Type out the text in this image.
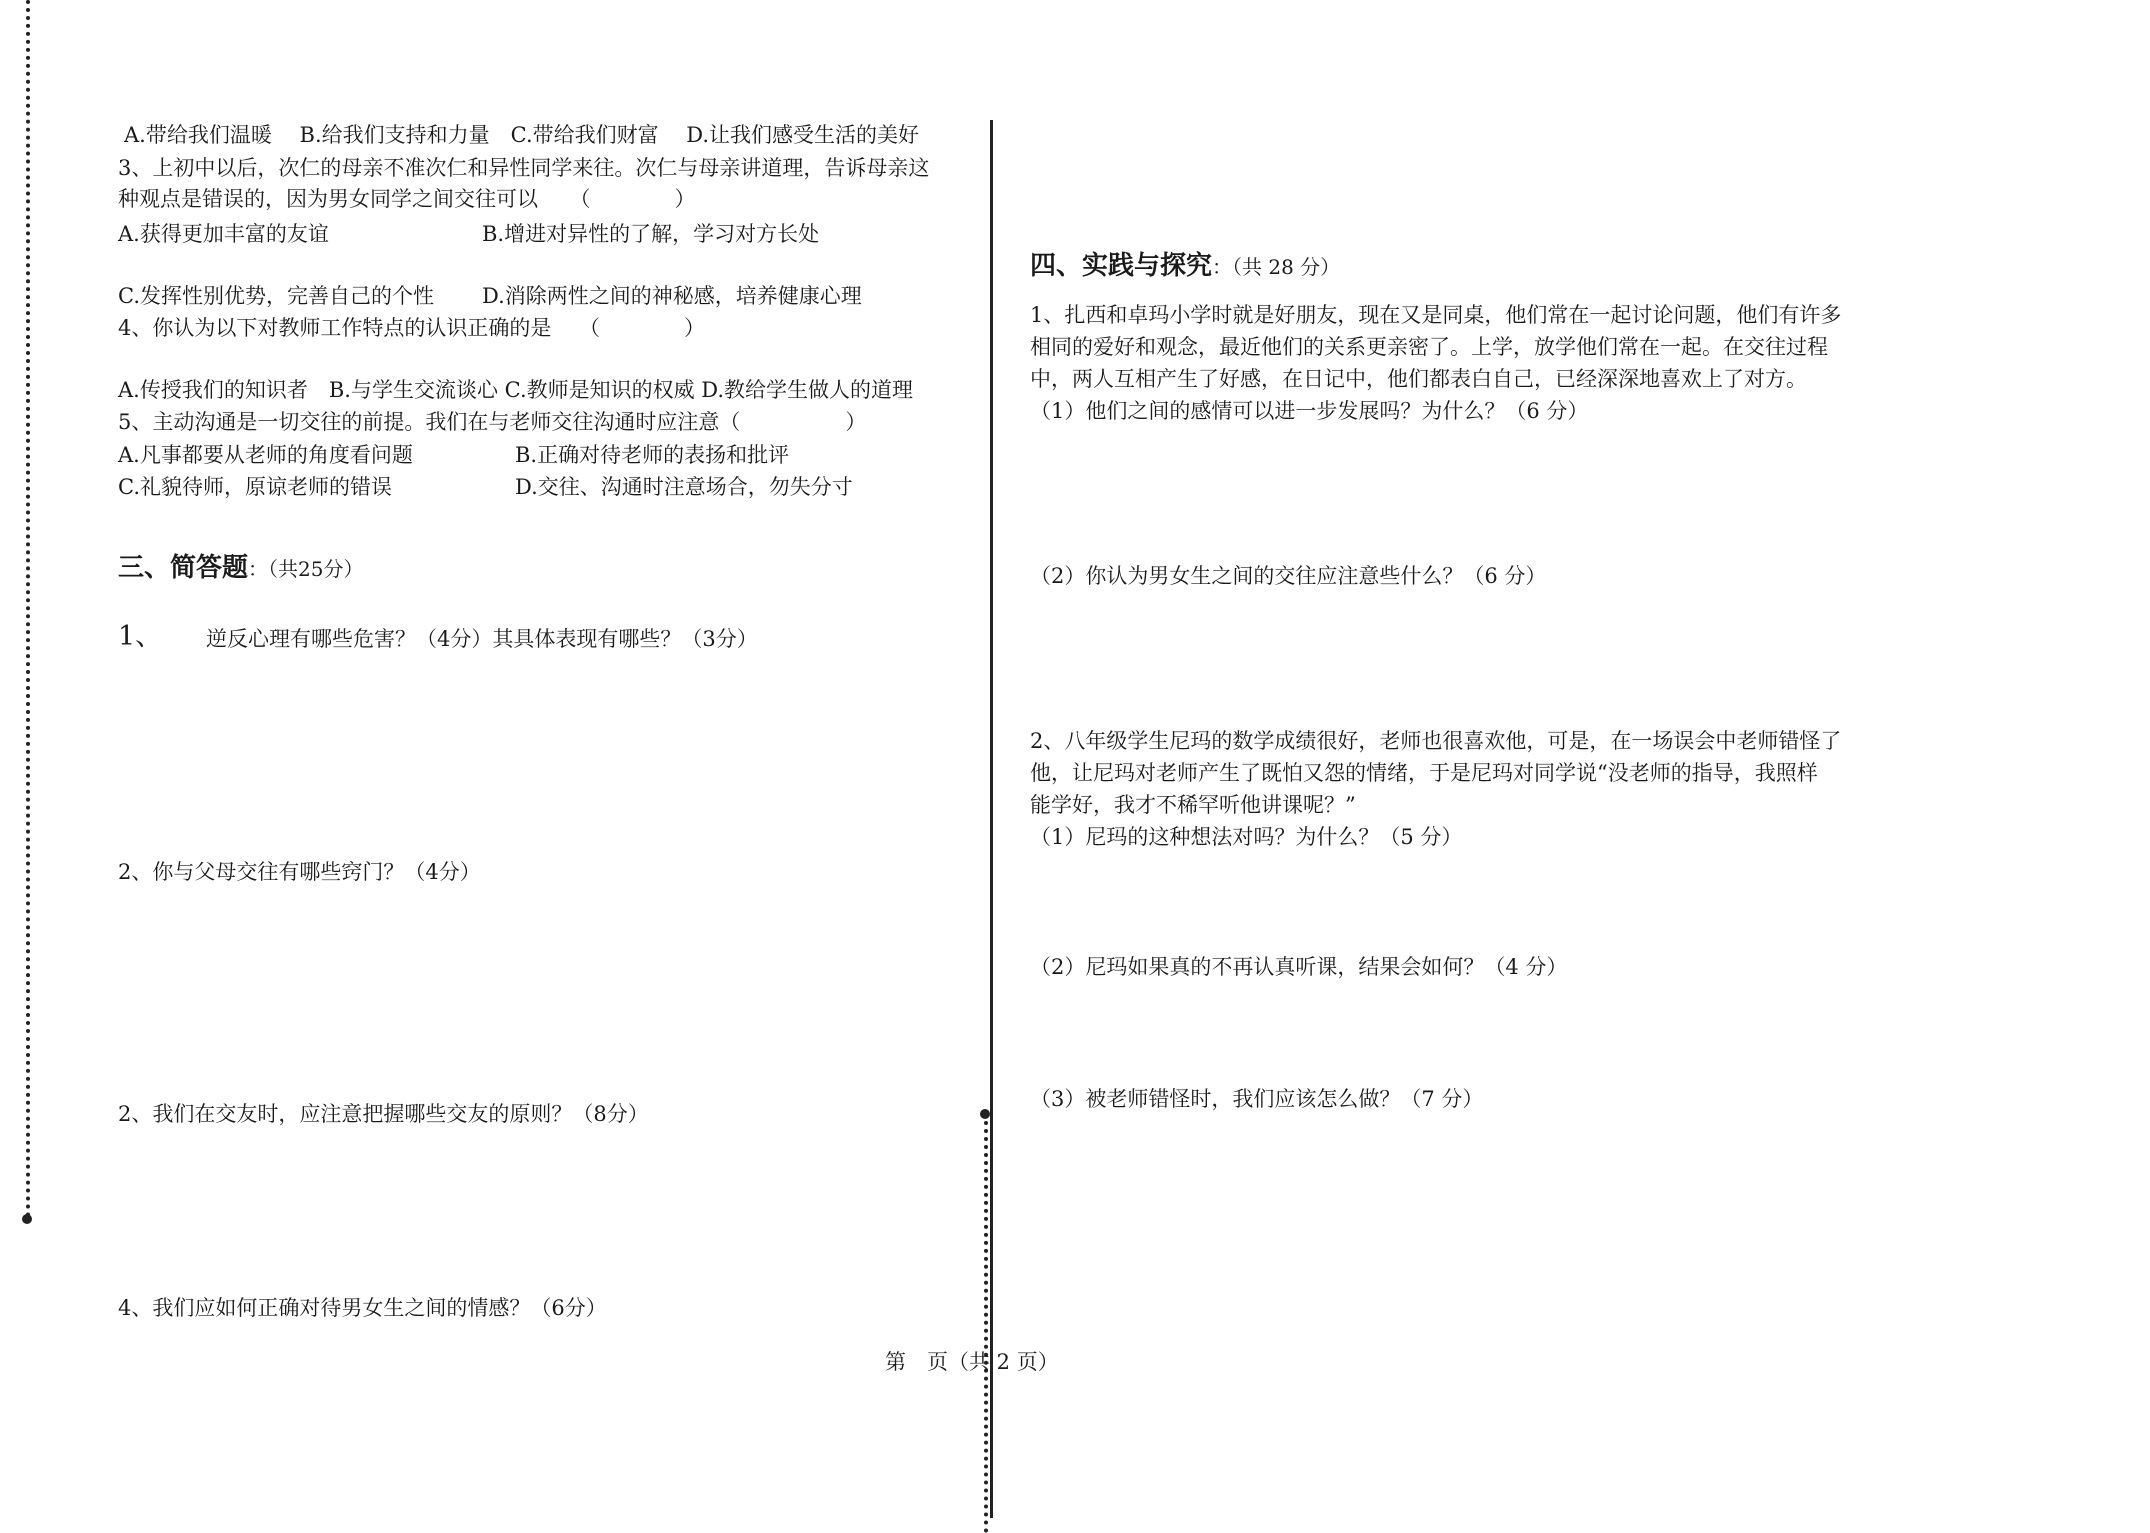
A.带给我们温暖　 B.给我们支持和力量　C.带给我们财富　 D.让我们感受生活的美好
3、上初中以后，次仁的母亲不准次仁和异性同学来往。次仁与母亲讲道理，告诉母亲这
种观点是错误的，因为男女同学之间交往可以　　（　　　　）
A.获得更加丰富的友谊	B.增进对异性的了解，学习对方长处
C.发挥性别优势，完善自己的个性 D.消除两性之间的神秘感，培养健康心理
4、你认为以下对教师工作特点的认识正确的是　 （　　　　）
A.传授我们的知识者　B.与学生交流谈心 C.教师是知识的权威 D.教给学生做人的道理
5、主动沟通是一切交往的前提。我们在与老师交往沟通时应注意（　　　　　）
A.凡事都要从老师的角度看问题	B.正确对待老师的表扬和批评
C.礼貌待师，原谅老师的错误	D.交往、沟通时注意场合，勿失分寸
三、简答题：（共25分）
1、 逆反心理有哪些危害？（4分）其具体表现有哪些？（3分）
2、你与父母交往有哪些窍门？（4分）
2、我们在交友时，应注意把握哪些交友的原则？（8分）
4、我们应如何正确对待男女生之间的情感？（6分）
四、实践与探究：（共 28 分）
1、扎西和卓玛小学时就是好朋友，现在又是同桌，他们常在一起讨论问题，他们有许多
相同的爱好和观念，最近他们的关系更亲密了。上学，放学他们常在一起。在交往过程
中，两人互相产生了好感，在日记中，他们都表白自己，已经深深地喜欢上了对方。
（1）他们之间的感情可以进一步发展吗？为什么？（6 分）
（2）你认为男女生之间的交往应注意些什么？（6 分）
2、八年级学生尼玛的数学成绩很好，老师也很喜欢他，可是，在一场误会中老师错怪了
他，让尼玛对老师产生了既怕又怨的情绪，于是尼玛对同学说“没老师的指导，我照样
能学好，我才不稀罕听他讲课呢？”
（1）尼玛的这种想法对吗？为什么？（5 分）
（2）尼玛如果真的不再认真听课，结果会如何？（4 分）
（3）被老师错怪时，我们应该怎么做？（7 分）
第　页（共 2 页）
